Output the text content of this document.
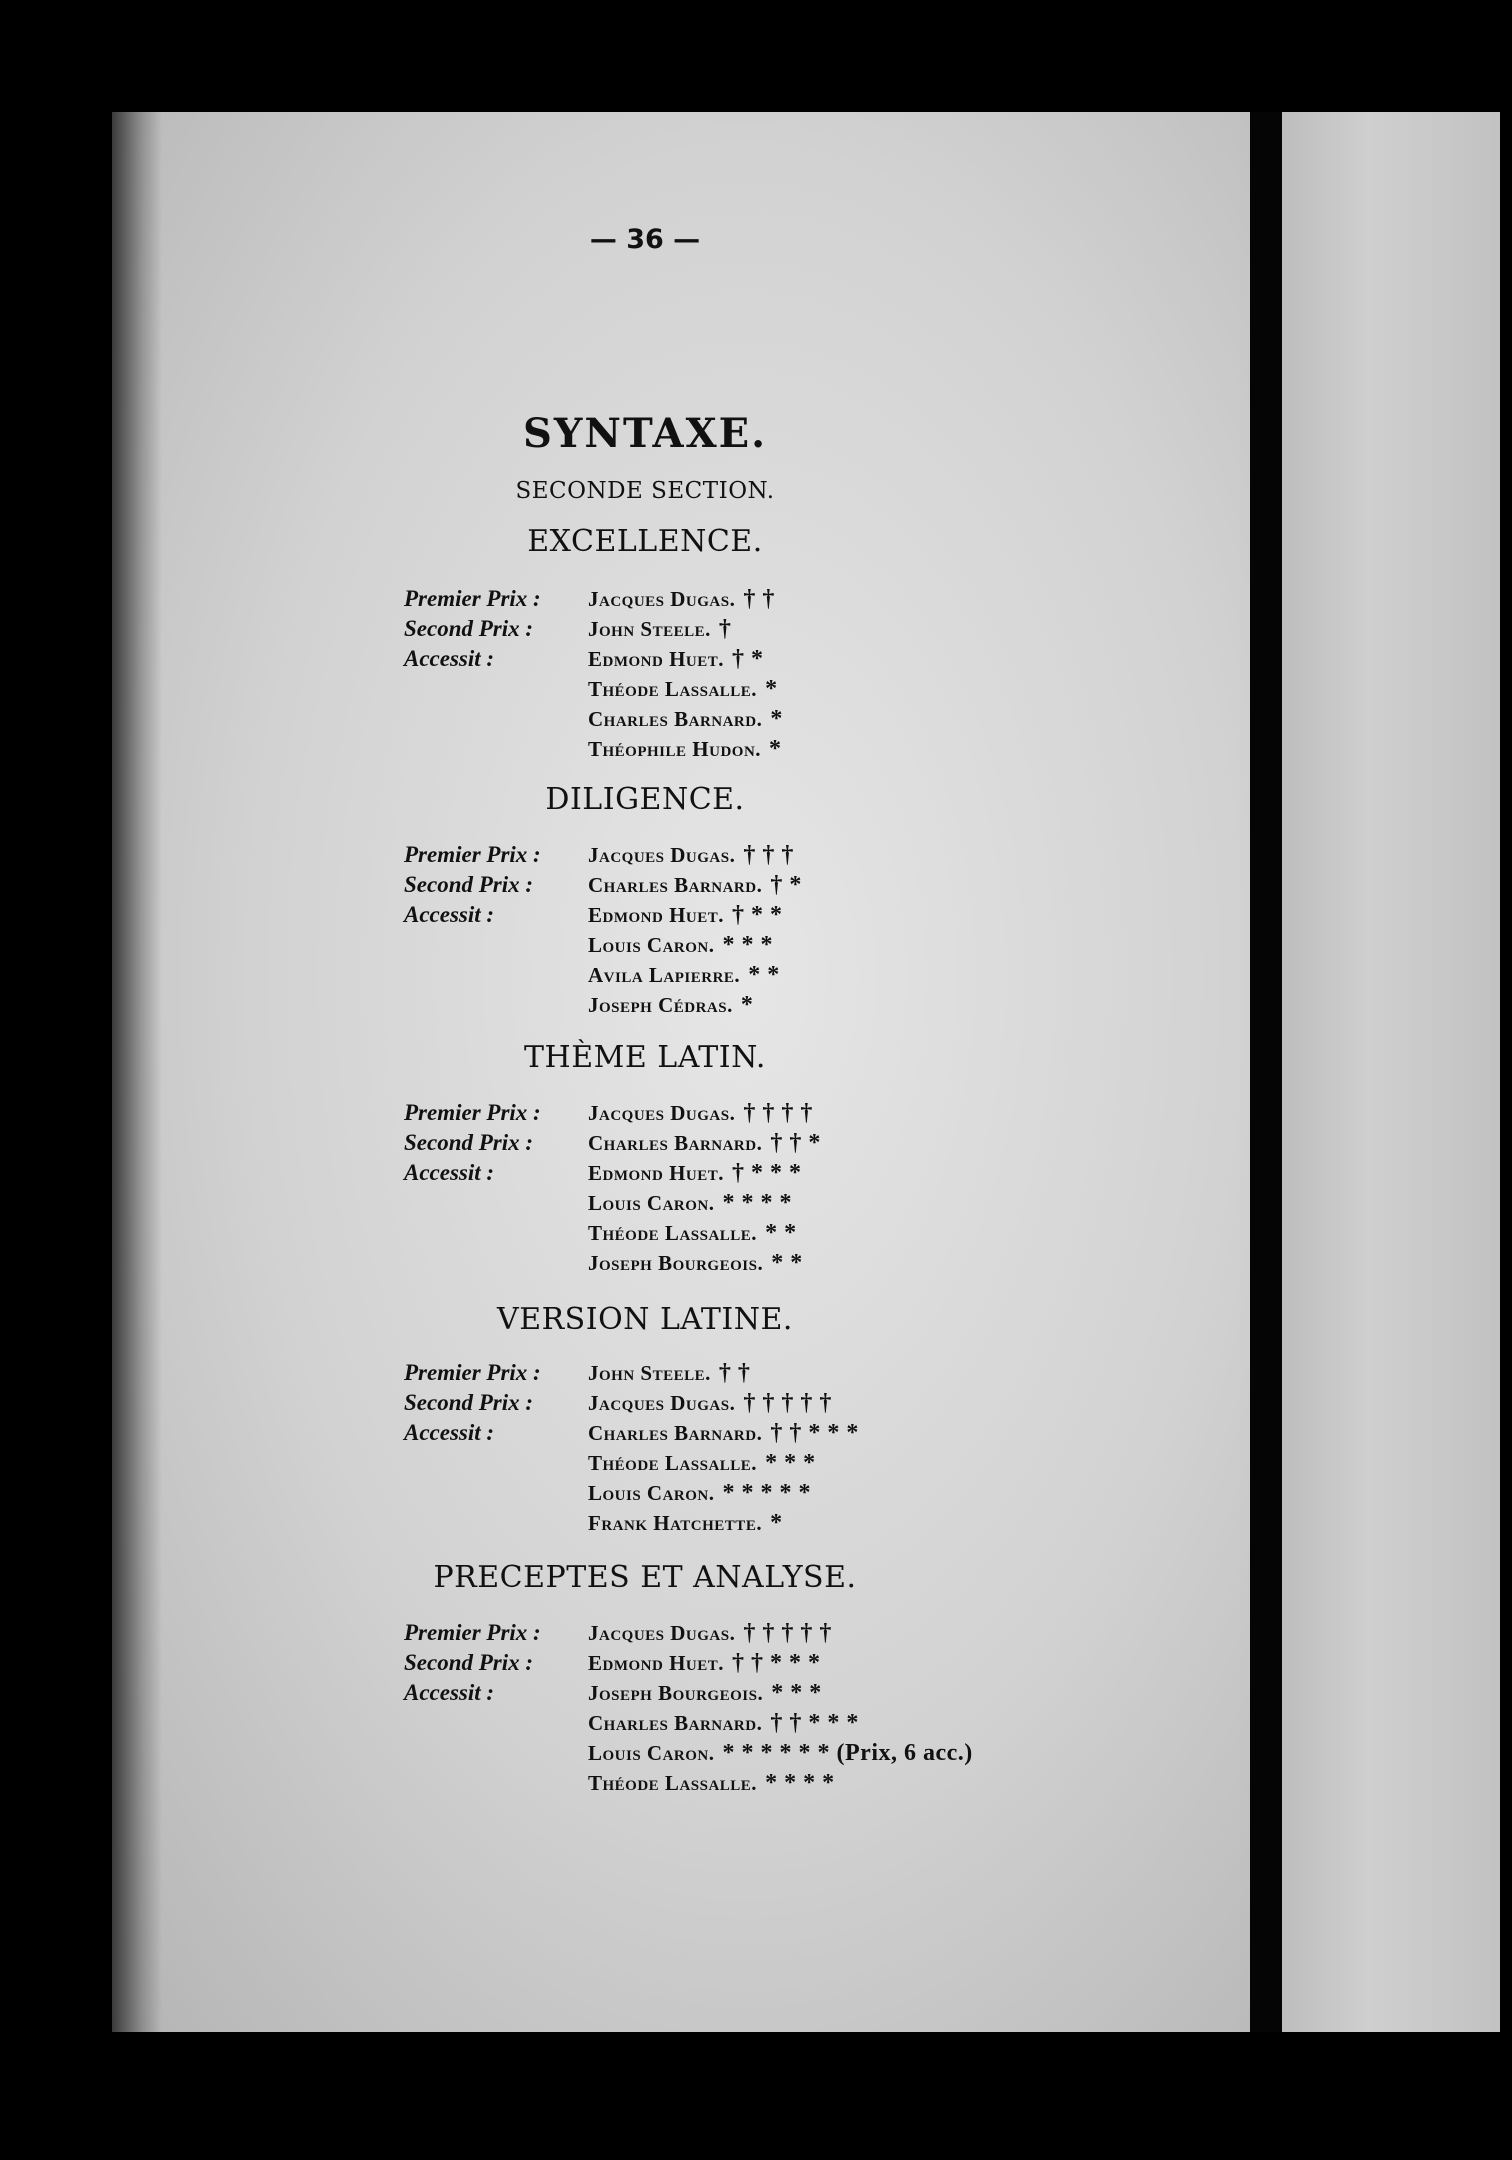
— 36 —
SYNTAXE.
SECONDE SECTION.
EXCELLENCE.
Premier Prix : Jacques Dugas. † †
Second Prix :	John Steele. †
Accessit :	Edmond Huet. † *
Théode Lassalle. *
Charles Barnard. *
Théophile Hudon. *
DILIGENCE.
Premier Prix : Jacques Dugas. † † †
Second Prix :	Charles Barnard. † *
Accessit :	Edmond Huet. † * *
Louis Caron. * * *
Avila Lapierre. * *
Joseph Cédras. *
THÈME LATIN.
Premier Prix : Jacques Dugas. † † † †
Second Prix :	Charles Barnard. † † *
Accessit :	Edmond Huet. † * * *
Louis Caron. * * * *
Théode Lassalle. * *
Joseph Bourgeois. * *
VERSION LATINE.
Premier Prix : John Steele. † †
Second Prix :	Jacques Dugas. † † † † †
Accessit :	Charles Barnard. † † * * *
Théode Lassalle. * * *
Louis Caron. * * * * *
Frank Hatchette. *
PRECEPTES ET ANALYSE.
Premier Prix : Jacques Dugas. † † † † †
Second Prix :	Edmond Huet. † † * * *
Accessit :	Joseph Bourgeois. * * *
Charles Barnard. † † * * *
Louis Caron. * * * * * * (Prix, 6 acc.)
Théode Lassalle. * * * *
